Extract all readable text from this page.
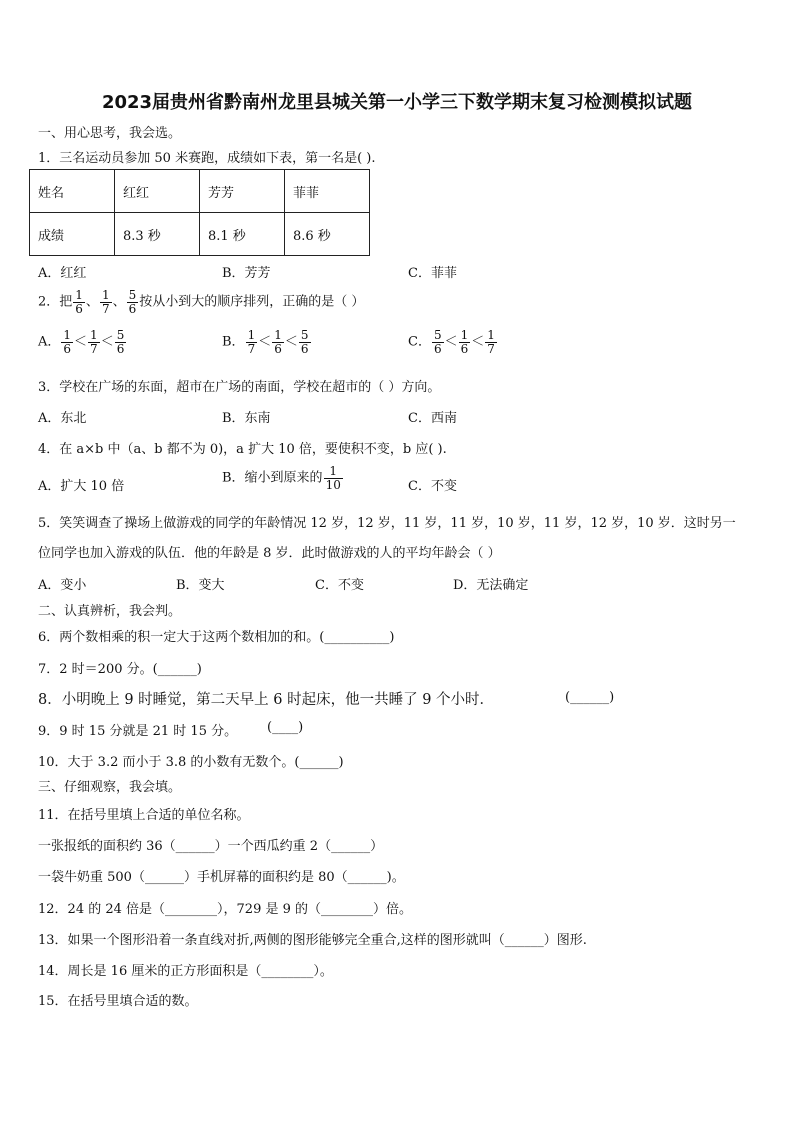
2023届贵州省黔南州龙里县城关第一小学三下数学期末复习检测模拟试题
一、用心思考，我会选。
1．三名运动员参加 50 米赛跑，成绩如下表，第一名是( ).
姓名	红红	芳芳	菲菲
成绩	8.3 秒	8.1 秒	8.6 秒
A．红红	B．芳芳	C．菲菲
2．把 $\frac{1}{6}$ 、 $\frac{1}{7}$ 、 $\frac{5}{6}$ 按从小到大的顺序排列，正确的是（ ）
A． $\frac{1}{6} < \frac{1}{7} < \frac{5}{6}$	B． $\frac{1}{7} < \frac{1}{6} < \frac{5}{6}$	C． $\frac{5}{6} < \frac{1}{6} < \frac{1}{7}$
3．学校在广场的东面，超市在广场的南面，学校在超市的（ ）方向。
A．东北	B．东南	C．西南
4．在 a×b 中（a、b 都不为 0)，a 扩大 10 倍，要使积不变，b 应( ).
A．扩大 10 倍
B．缩小到原来的 $\frac{1}{10}$	C．不变
5．笑笑调查了操场上做游戏的同学的年龄情况 12 岁，12 岁，11 岁，11 岁，10 岁，11 岁，12 岁，10 岁．这时另一
位同学也加入游戏的队伍．他的年龄是 8 岁．此时做游戏的人的平均年龄会（ ）
A．变小	B．变大	C．不变	D．无法确定
二、认真辨析，我会判。
6．两个数相乘的积一定大于这两个数相加的和。(__________)
7．2 时＝200 分。(______)
8．小明晚上 9 时睡觉，第二天早上 6 时起床，他一共睡了 9 个小时．	(______)
9．9 时 15 分就是 21 时 15 分。 (____)
10．大于 3.2 而小于 3.8 的小数有无数个。(______)
三、仔细观察，我会填。
11．在括号里填上合适的单位名称。
一张报纸的面积约 36（______）一个西瓜约重 2（______）
一袋牛奶重 500（______）手机屏幕的面积约是 80（______)。
12．24 的 24 倍是（________），729 是 9 的（________）倍。
13．如果一个图形沿着一条直线对折,两侧的图形能够完全重合,这样的图形就叫（______）图形.
14．周长是 16 厘米的正方形面积是（________）。
15．在括号里填合适的数。
